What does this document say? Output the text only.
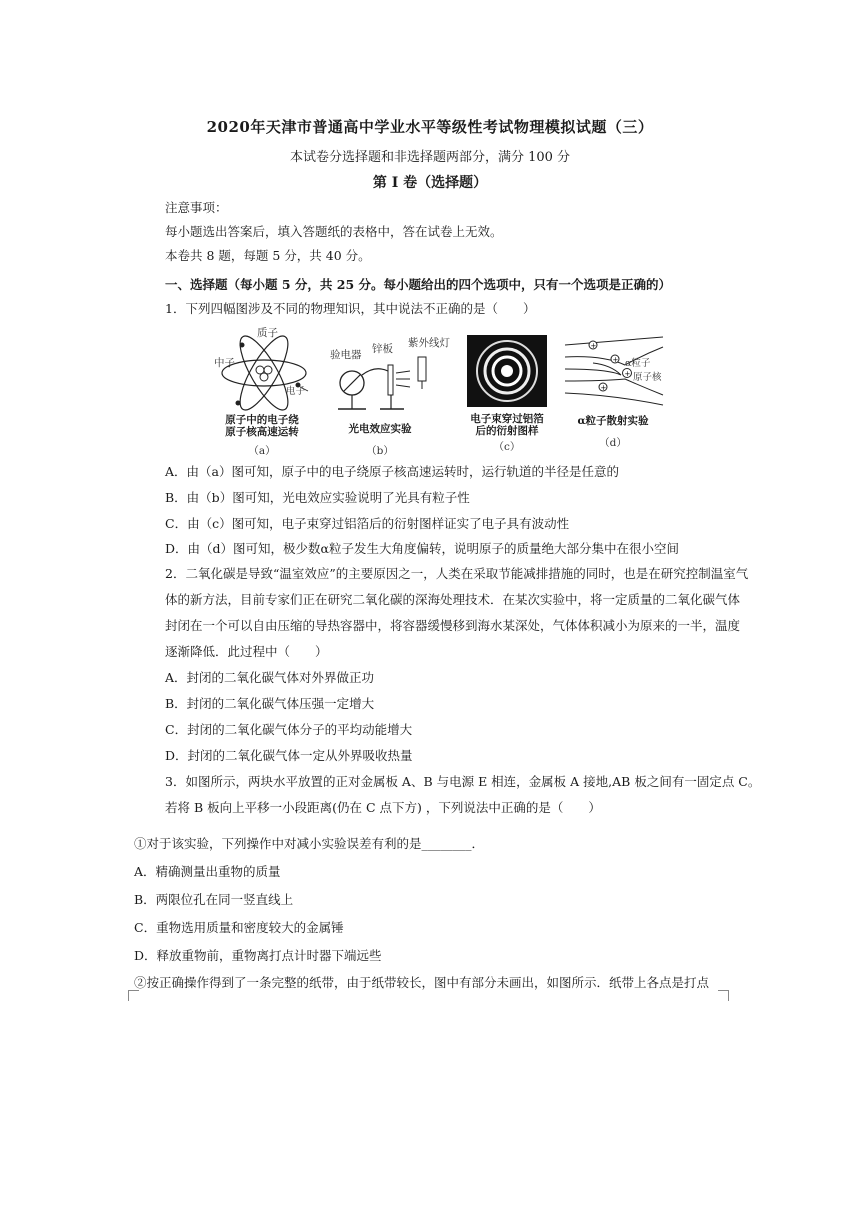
2020年天津市普通高中学业水平等级性考试物理模拟试题（三）
本试卷分选择题和非选择题两部分，满分 100 分
第 I 卷（选择题）
注意事项：
每小题选出答案后，填入答题纸的表格中，答在试卷上无效。
本卷共 8 题，每题 5 分，共 40 分。
一、选择题（每小题 5 分，共 25 分。每小题给出的四个选项中，只有一个选项是正确的）
1．下列四幅图涉及不同的物理知识，其中说法不正确的是（　　）
质子
中子
电子
原子中的电子绕
原子核高速运转
（a）
验电器 锌板 紫外线灯
光电效应实验
（b）
电子束穿过铝箔
后的衍射图样
（c）
+
+
+
+
α粒子
原子核
α粒子散射实验
（d）
A．由（a）图可知，原子中的电子绕原子核高速运转时，运行轨道的半径是任意的
B．由（b）图可知，光电效应实验说明了光具有粒子性
C．由（c）图可知，电子束穿过铝箔后的衍射图样证实了电子具有波动性
D．由（d）图可知，极少数α粒子发生大角度偏转，说明原子的质量绝大部分集中在很小空间
2．二氧化碳是导致“温室效应”的主要原因之一，人类在采取节能减排措施的同时，也是在研究控制温室气
体的新方法，目前专家们正在研究二氧化碳的深海处理技术．在某次实验中，将一定质量的二氧化碳气体
封闭在一个可以自由压缩的导热容器中，将容器缓慢移到海水某深处，气体体积减小为原来的一半，温度
逐渐降低．此过程中（　　）
A．封闭的二氧化碳气体对外界做正功
B．封闭的二氧化碳气体压强一定增大
C．封闭的二氧化碳气体分子的平均动能增大
D．封闭的二氧化碳气体一定从外界吸收热量
3．如图所示，两块水平放置的正对金属板 A、B 与电源 E 相连，金属板 A 接地,AB 板之间有一固定点 C。
若将 B 板向上平移一小段距离(仍在 C 点下方) ，下列说法中正确的是（　　）
①对于该实验，下列操作中对减小实验误差有利的是________．
A．精确测量出重物的质量
B．两限位孔在同一竖直线上
C．重物选用质量和密度较大的金属锤
D．释放重物前，重物离打点计时器下端远些
②按正确操作得到了一条完整的纸带，由于纸带较长，图中有部分未画出，如图所示．纸带上各点是打点
